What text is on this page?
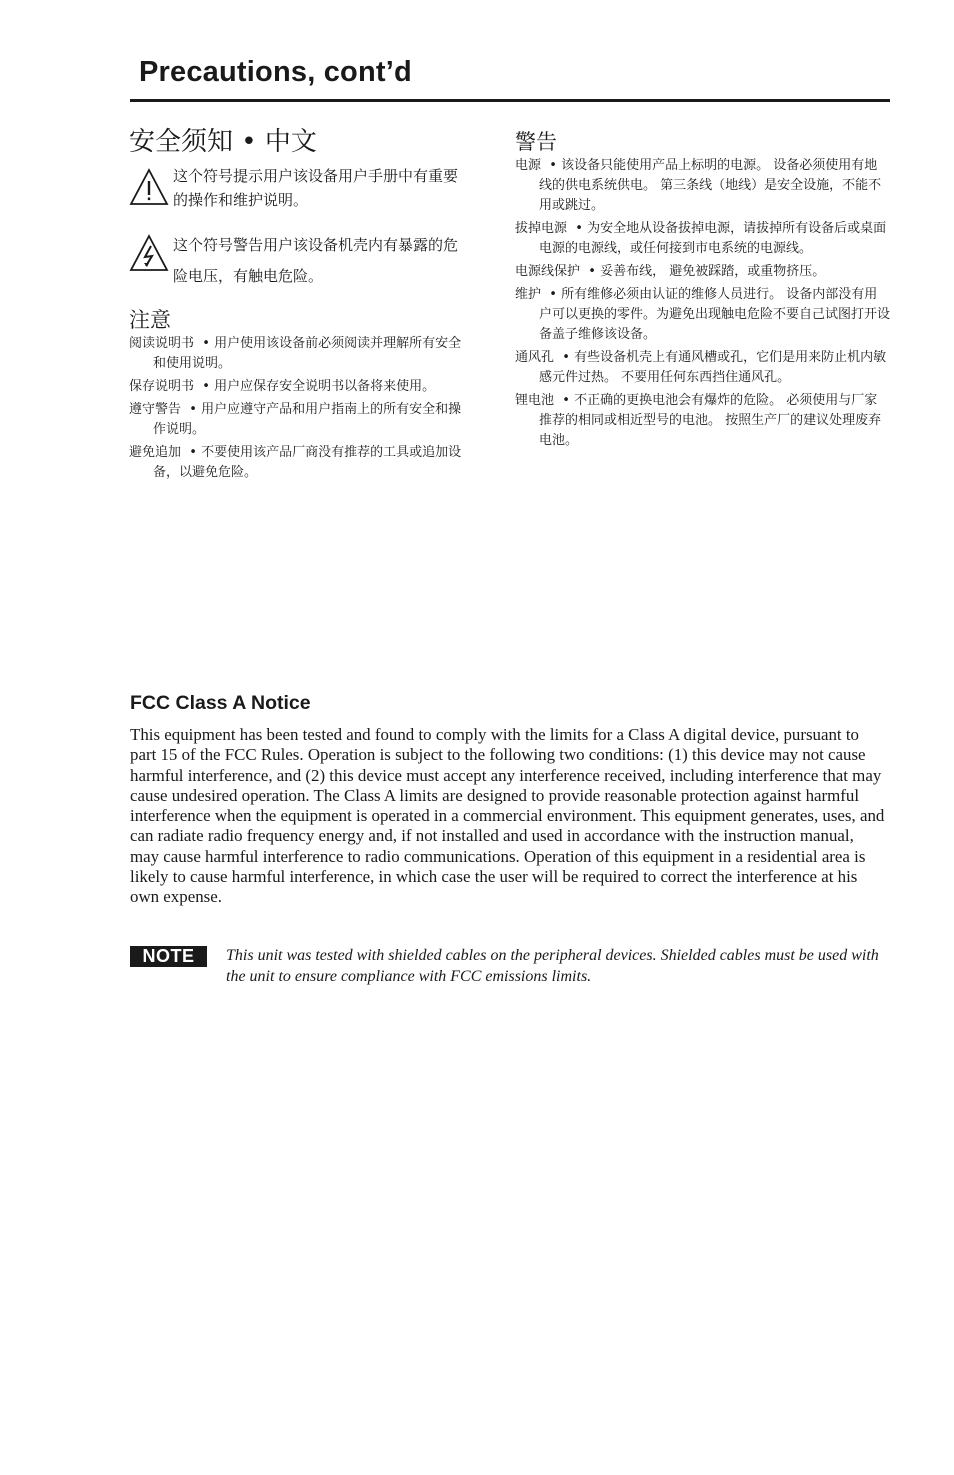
Precautions, cont’d
安全须知 • 中文
这个符号提示用户该设备用户手册中有重要的操作和维护说明。
这个符号警告用户该设备机壳内有暴露的危险电压，有触电危险。
注意
阅读说明书  • 用户使用该设备前必须阅读并理解所有安全和使用说明。
保存说明书  • 用户应保存安全说明书以备将来使用。
遵守警告  • 用户应遵守产品和用户指南上的所有安全和操作说明。
避免追加  • 不要使用该产品厂商没有推荐的工具或追加设备，以避免危险。
警告
电源  • 该设备只能使用产品上标明的电源。 设备必须使用有地线的供电系统供电。 第三条线（地线）是安全设施，不能不用或跳过。
拔掉电源  • 为安全地从设备拔掉电源，请拔掉所有设备后或桌面电源的电源线，或任何接到市电系统的电源线。
电源线保护  • 妥善布线， 避免被踩踏，或重物挤压。
维护  • 所有维修必须由认证的维修人员进行。 设备内部没有用户可以更换的零件。为避免出现触电危险不要自己试图打开设备盖子维修该设备。
通风孔  • 有些设备机壳上有通风槽或孔，它们是用来防止机内敏感元件过热。 不要用任何东西挡住通风孔。
锂电池  • 不正确的更换电池会有爆炸的危险。 必须使用与厂家推荐的相同或相近型号的电池。 按照生产厂的建议处理废弃电池。
FCC Class A Notice

This equipment has been tested and found to comply with the limits for a Class A digital device, pursuant to part 15 of the FCC Rules. Operation is subject to the following two conditions: (1) this device may not cause harmful interference, and (2) this device must accept any interference received, including interference that may cause undesired operation. The Class A limits are designed to provide reasonable protection against harmful interference when the equipment is operated in a commercial environment. This equipment generates, uses, and can radiate radio frequency energy and, if not installed and used in accordance with the instruction manual, may cause harmful interference to radio communications. Operation of this equipment in a residential area is likely to cause harmful interference, in which case the user will be required to correct the interference at his own expense.

NOTE	This unit was tested with shielded cables on the peripheral devices. Shielded cables must be used with the unit to ensure compliance with FCC emissions limits.
